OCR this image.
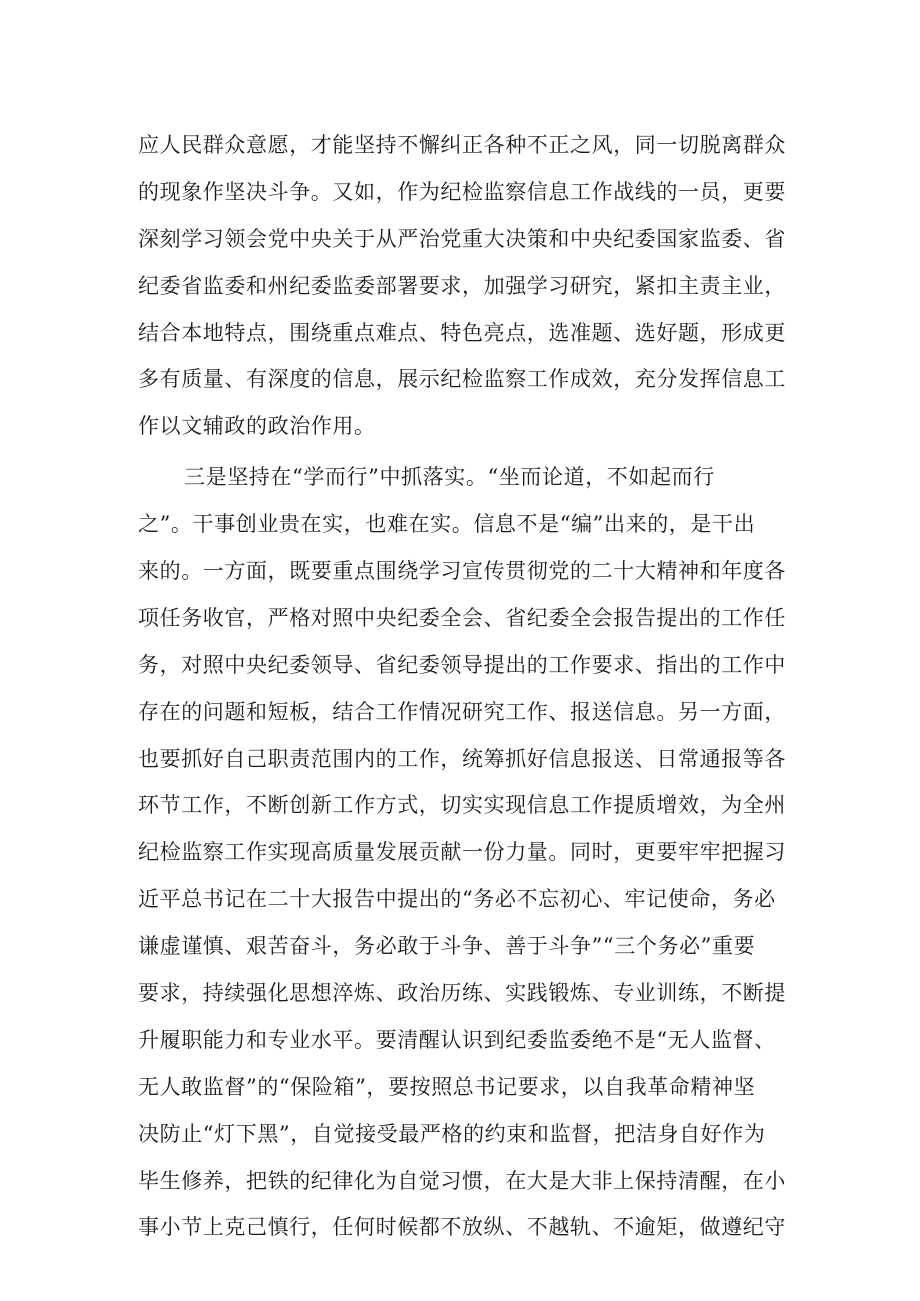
应人民群众意愿，才能坚持不懈纠正各种不正之风，同一切脱离群众
的现象作坚决斗争。又如，作为纪检监察信息工作战线的一员，更要
深刻学习领会党中央关于从严治党重大决策和中央纪委国家监委、省
纪委省监委和州纪委监委部署要求，加强学习研究，紧扣主责主业，
结合本地特点，围绕重点难点、特色亮点，选准题、选好题，形成更
多有质量、有深度的信息，展示纪检监察工作成效，充分发挥信息工
作以文辅政的政治作用。
三是坚持在“学而行”中抓落实。“坐而论道，不如起而行
之”。干事创业贵在实，也难在实。信息不是“编”出来的，是干出
来的。一方面，既要重点围绕学习宣传贯彻党的二十大精神和年度各
项任务收官，严格对照中央纪委全会、省纪委全会报告提出的工作任
务，对照中央纪委领导、省纪委领导提出的工作要求、指出的工作中
存在的问题和短板，结合工作情况研究工作、报送信息。另一方面，
也要抓好自己职责范围内的工作，统筹抓好信息报送、日常通报等各
环节工作，不断创新工作方式，切实实现信息工作提质增效，为全州
纪检监察工作实现高质量发展贡献一份力量。同时，更要牢牢把握习
近平总书记在二十大报告中提出的“务必不忘初心、牢记使命，务必
谦虚谨慎、艰苦奋斗，务必敢于斗争、善于斗争”“三个务必”重要
要求，持续强化思想淬炼、政治历练、实践锻炼、专业训练，不断提
升履职能力和专业水平。要清醒认识到纪委监委绝不是“无人监督、
无人敢监督”的“保险箱”，要按照总书记要求，以自我革命精神坚
决防止“灯下黑”，自觉接受最严格的约束和监督，把洁身自好作为
毕生修养，把铁的纪律化为自觉习惯，在大是大非上保持清醒，在小
事小节上克己慎行，任何时候都不放纵、不越轨、不逾矩，做遵纪守
